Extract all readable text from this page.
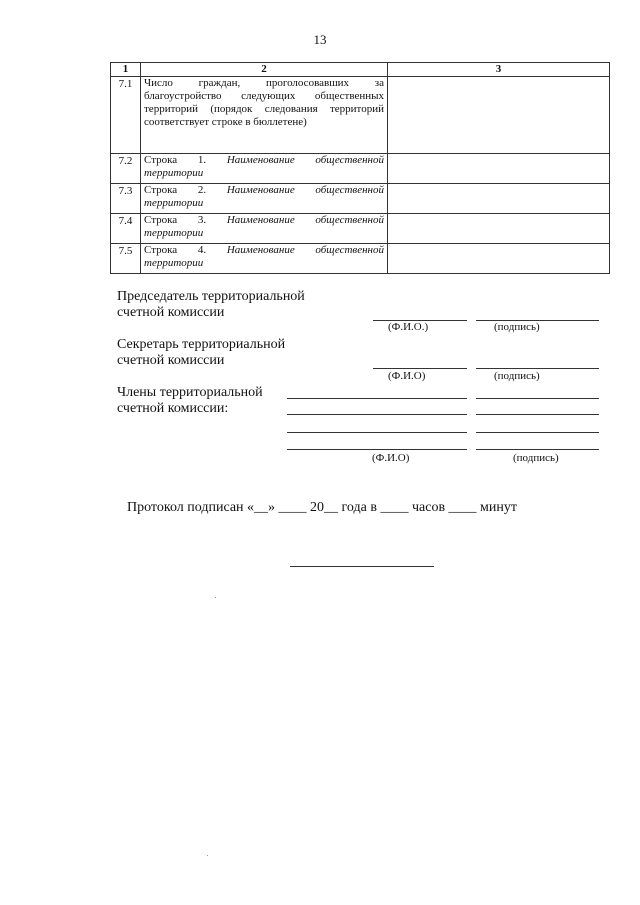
13
1	2	3
7.1	Число граждан, проголосовавших за благоустройство следующих общественных территорий (порядок следования территорий соответствует строке в бюллетене)	
7.2	Строка 1. Наименование общественной территории	
7.3	Строка 2. Наименование общественной территории	
7.4	Строка 3. Наименование общественной территории	
7.5	Строка 4. Наименование общественной территории	
Председатель территориальной
счетной комиссии
(Ф.И.О.)	(подпись)
Секретарь территориальной
счетной комиссии
(Ф.И.О)	(подпись)
Члены территориальной
счетной комиссии:
(Ф.И.О)	(подпись)
Протокол подписан «__» ____ 20__ года в ____ часов ____ минут
